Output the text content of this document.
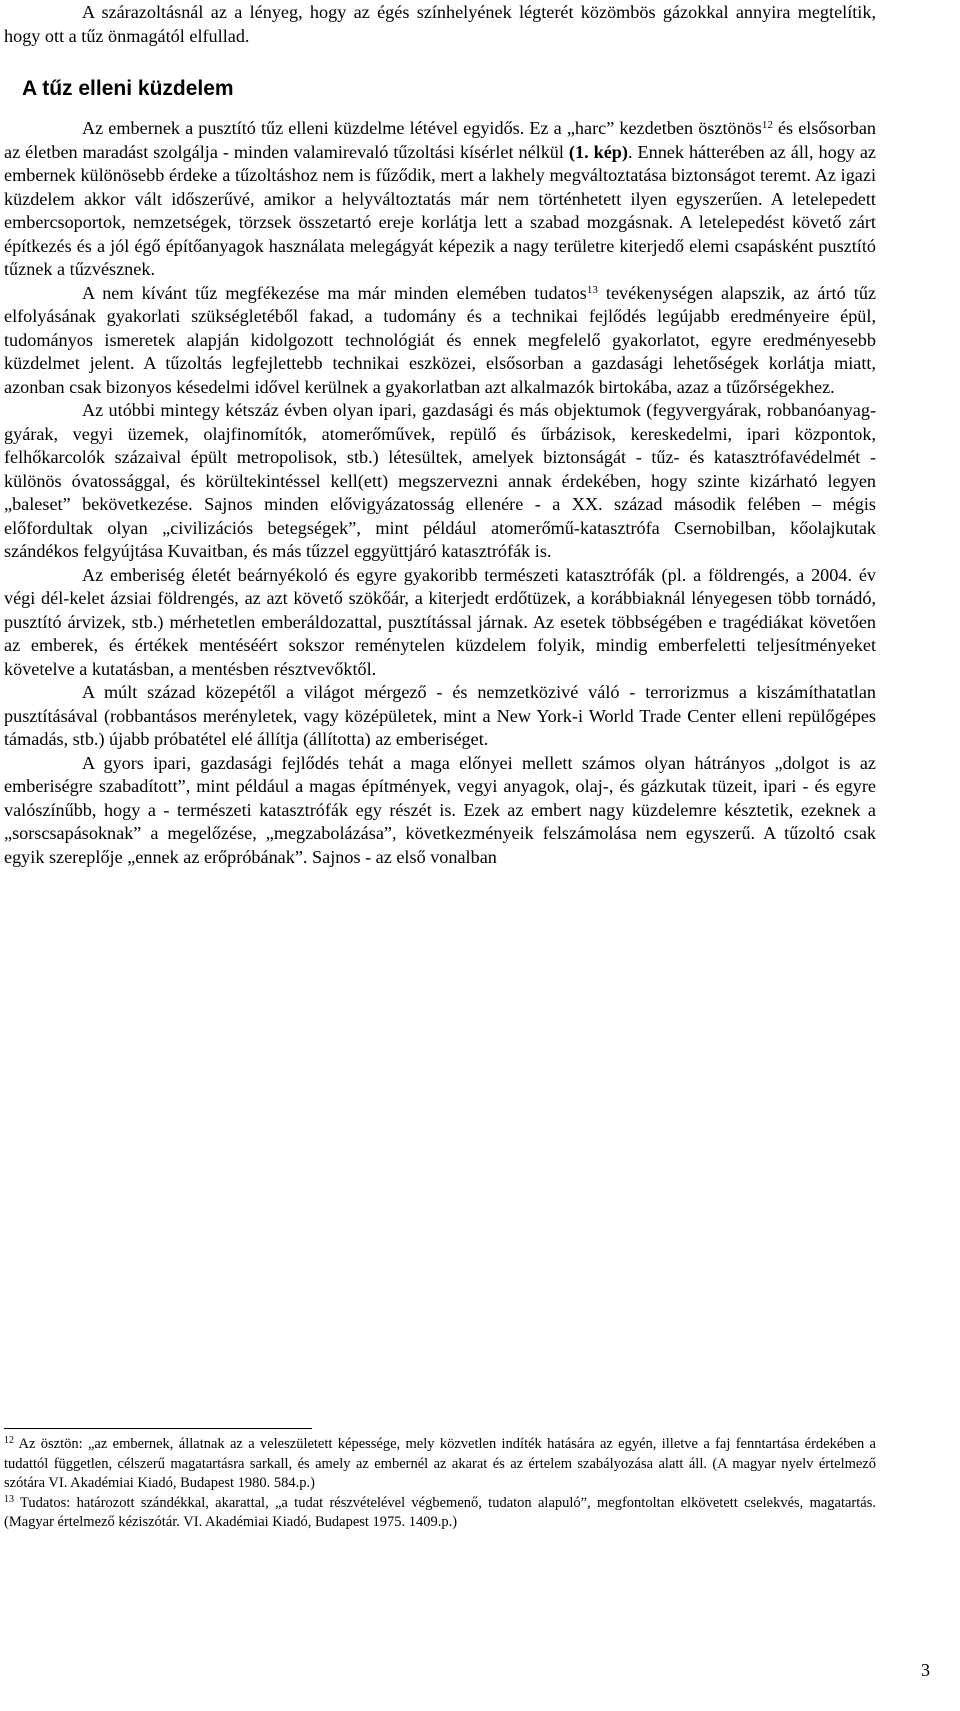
A szárazoltásnál az a lényeg, hogy az égés színhelyének légterét közömbös gázokkal annyira megtelítik, hogy ott a tűz önmagától elfullad.

A tűz elleni küzdelem

Az embernek a pusztító tűz elleni küzdelme létével egyidős. Ez a „harc” kezdetben ösztönös$^{12}$ és elsősorban az életben maradást szolgálja - minden valamirevaló tűzoltási kísérlet nélkül (1. kép). Ennek hátterében az áll, hogy az embernek különösebb érdeke a tűzoltáshoz nem is fűződik, mert a lakhely megváltoztatása biztonságot teremt. Az igazi küzdelem akkor vált időszerűvé, amikor a helyváltoztatás már nem történhetett ilyen egyszerűen. A letelepedett embercsoportok, nemzetségek, törzsek összetartó ereje korlátja lett a szabad mozgásnak. A letelepedést követő zárt építkezés és a jól égő építőanyagok használata melegágyát képezik a nagy területre kiterjedő elemi csapásként pusztító tűznek a tűzvésznek.

A nem kívánt tűz megfékezése ma már minden elemében tudatos$^{13}$ tevékenységen alapszik, az ártó tűz elfolyásának gyakorlati szükségletéből fakad, a tudomány és a technikai fejlődés legújabb eredményeire épül, tudományos ismeretek alapján kidolgozott technológiát és ennek megfelelő gyakorlatot, egyre eredményesebb küzdelmet jelent. A tűzoltás legfejlettebb technikai eszközei, elsősorban a gazdasági lehetőségek korlátja miatt, azonban csak bizonyos késedelmi idővel kerülnek a gyakorlatban azt alkalmazók birtokába, azaz a tűzőrségekhez.

Az utóbbi mintegy kétszáz évben olyan ipari, gazdasági és más objektumok (fegyvergyárak, robbanóanyag-gyárak, vegyi üzemek, olajfinomítók, atomerőművek, repülő és űrbázisok, kereskedelmi, ipari központok, felhőkarcolók százaival épült metropolisok, stb.) létesültek, amelyek biztonságát - tűz- és katasztrófavédelmét - különös óvatossággal, és körültekintéssel kell(ett) megszervezni annak érdekében, hogy szinte kizárható legyen „baleset” bekövetkezése. Sajnos minden elővigyázatosság ellenére - a XX. század második felében – mégis előfordultak olyan „civilizációs betegségek”, mint például atomerőmű-katasztrófa Csernobilban, kőolajkutak szándékos felgyújtása Kuvaitban, és más tűzzel eggyüttjáró katasztrófák is.

Az emberiség életét beárnyékoló és egyre gyakoribb természeti katasztrófák (pl. a földrengés, a 2004. év végi dél-kelet ázsiai földrengés, az azt követő szökőár, a kiterjedt erdőtüzek, a korábbiaknál lényegesen több tornádó, pusztító árvizek, stb.) mérhetetlen emberáldozattal, pusztítással járnak. Az esetek többségében e tragédiákat követően az emberek, és értékek mentéséért sokszor reménytelen küzdelem folyik, mindig emberfeletti teljesítményeket követelve a kutatásban, a mentésben résztvevőktől.

A múlt század közepétől a világot mérgező - és nemzetközivé váló - terrorizmus a kiszámíthatatlan pusztításával (robbantásos merényletek, vagy középületek, mint a New York-i World Trade Center elleni repülőgépes támadás, stb.) újabb próbatétel elé állítja (állította) az emberiséget.

A gyors ipari, gazdasági fejlődés tehát a maga előnyei mellett számos olyan hátrányos „dolgot is az emberiségre szabadított”, mint például a magas építmények, vegyi anyagok, olaj-, és gázkutak tüzeit, ipari - és egyre valószínűbb, hogy a - természeti katasztrófák egy részét is. Ezek az embert nagy küzdelemre késztetik, ezeknek a „sorscsapásoknak” a megelőzése, „megzabolázása”, következményeik felszámolása nem egyszerű. A tűzoltó csak egyik szereplője „ennek az erőpróbának”. Sajnos - az első vonalban

$^{12}$ Az ösztön: „az embernek, állatnak az a veleszületett képessége, mely közvetlen indíték hatására az egyén, illetve a faj fenntartása érdekében a tudattól független, célszerű magatartásra sarkall, és amely az embernél az akarat és az értelem szabályozása alatt áll. (A magyar nyelv értelmező szótára VI. Akadémiai Kiadó, Budapest 1980. 584.p.)

$^{13}$ Tudatos: határozott szándékkal, akarattal, „a tudat részvételével végbemenő, tudaton alapuló”, megfontoltan elkövetett cselekvés, magatartás. (Magyar értelmező kéziszótár. VI. Akadémiai Kiadó, Budapest 1975. 1409.p.)

3
